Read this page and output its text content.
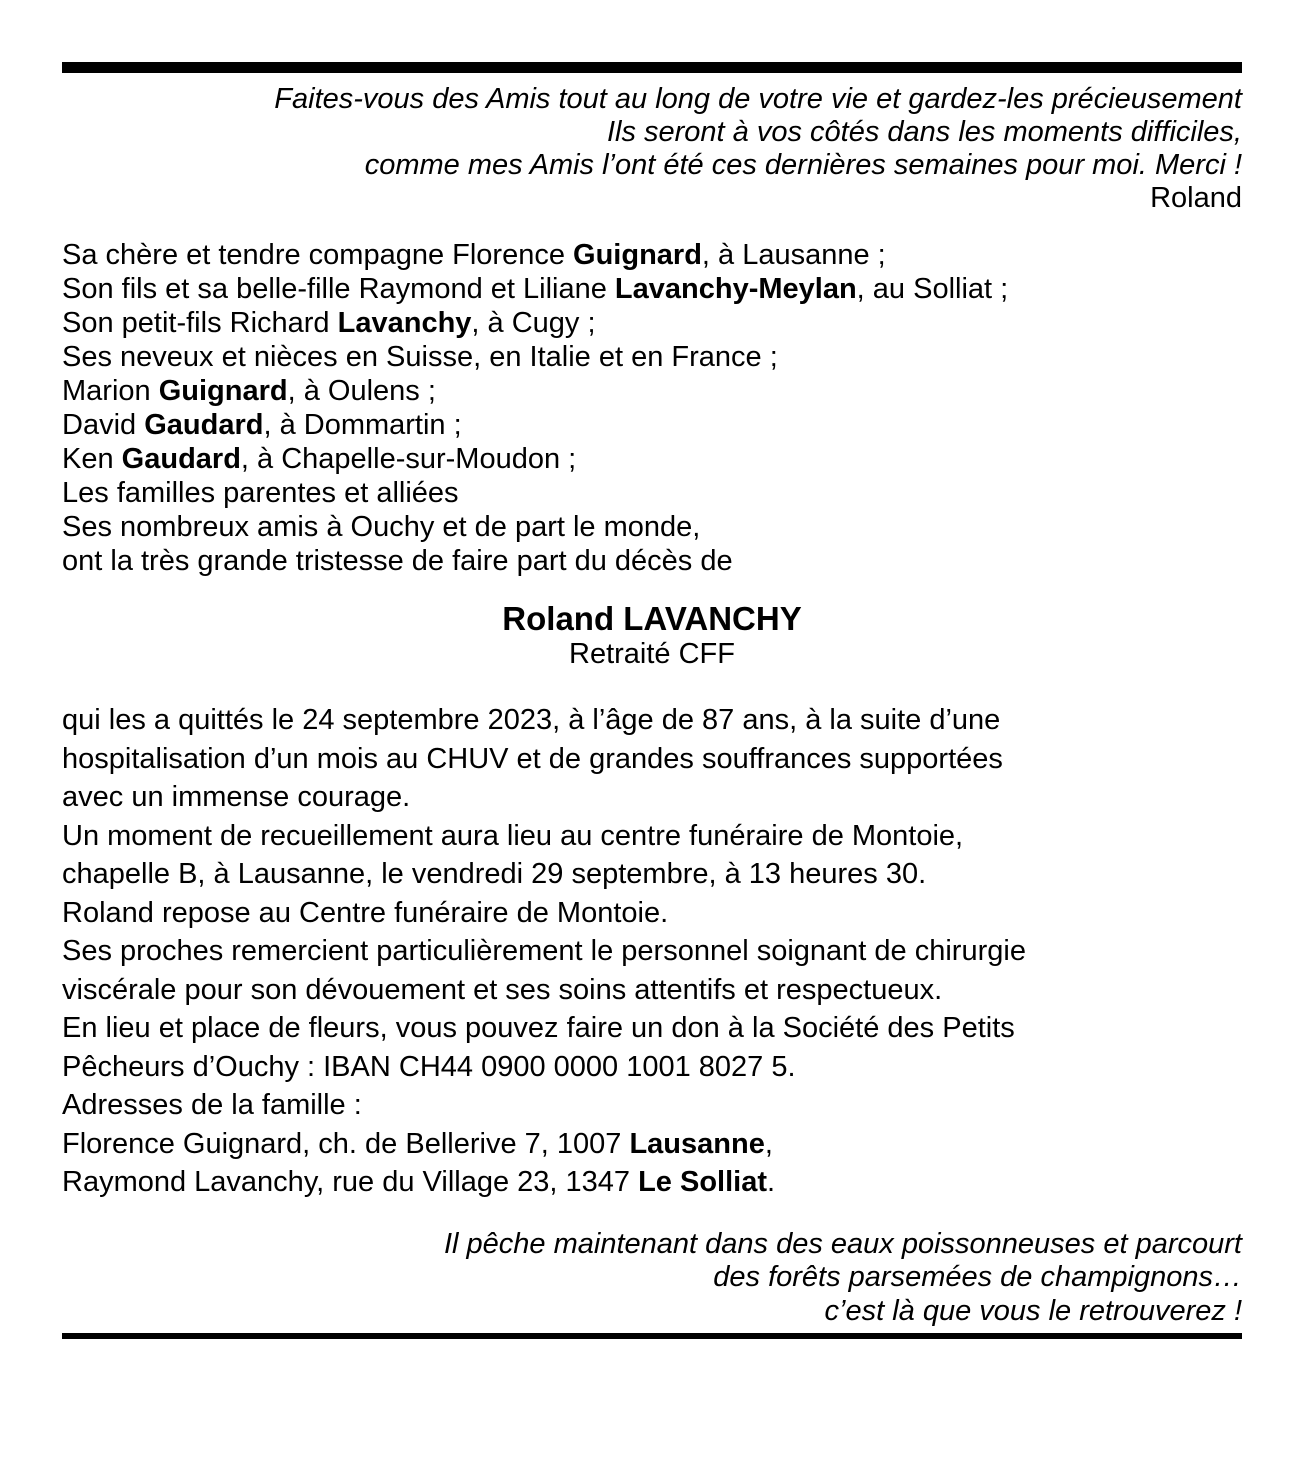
Faites-vous des Amis tout au long de votre vie et gardez-les précieusement
Ils seront à vos côtés dans les moments difficiles,
comme mes Amis l’ont été ces dernières semaines pour moi. Merci !
Roland
Sa chère et tendre compagne Florence Guignard, à Lausanne ;
Son fils et sa belle-fille Raymond et Liliane Lavanchy-Meylan, au Solliat ;
Son petit-fils Richard Lavanchy, à Cugy ;
Ses neveux et nièces en Suisse, en Italie et en France ;
Marion Guignard, à Oulens ;
David Gaudard, à Dommartin ;
Ken Gaudard, à Chapelle-sur-Moudon ;
Les familles parentes et alliées
Ses nombreux amis à Ouchy et de part le monde,
ont la très grande tristesse de faire part du décès de
Roland LAVANCHY
Retraité CFF
qui les a quittés le 24 septembre 2023, à l’âge de 87 ans, à la suite d’une
hospitalisation d’un mois au CHUV et de grandes souffrances supportées
avec un immense courage.
Un moment de recueillement aura lieu au centre funéraire de Montoie,
chapelle B, à Lausanne, le vendredi 29 septembre, à 13 heures 30.
Roland repose au Centre funéraire de Montoie.
Ses proches remercient particulièrement le personnel soignant de chirurgie
viscérale pour son dévouement et ses soins attentifs et respectueux.
En lieu et place de fleurs, vous pouvez faire un don à la Société des Petits
Pêcheurs d’Ouchy : IBAN CH44 0900 0000 1001 8027 5.
Adresses de la famille :
Florence Guignard, ch. de Bellerive 7, 1007 Lausanne,
Raymond Lavanchy, rue du Village 23, 1347 Le Solliat.
Il pêche maintenant dans des eaux poissonneuses et parcourt
des forêts parsemées de champignons…
c’est là que vous le retrouverez !
